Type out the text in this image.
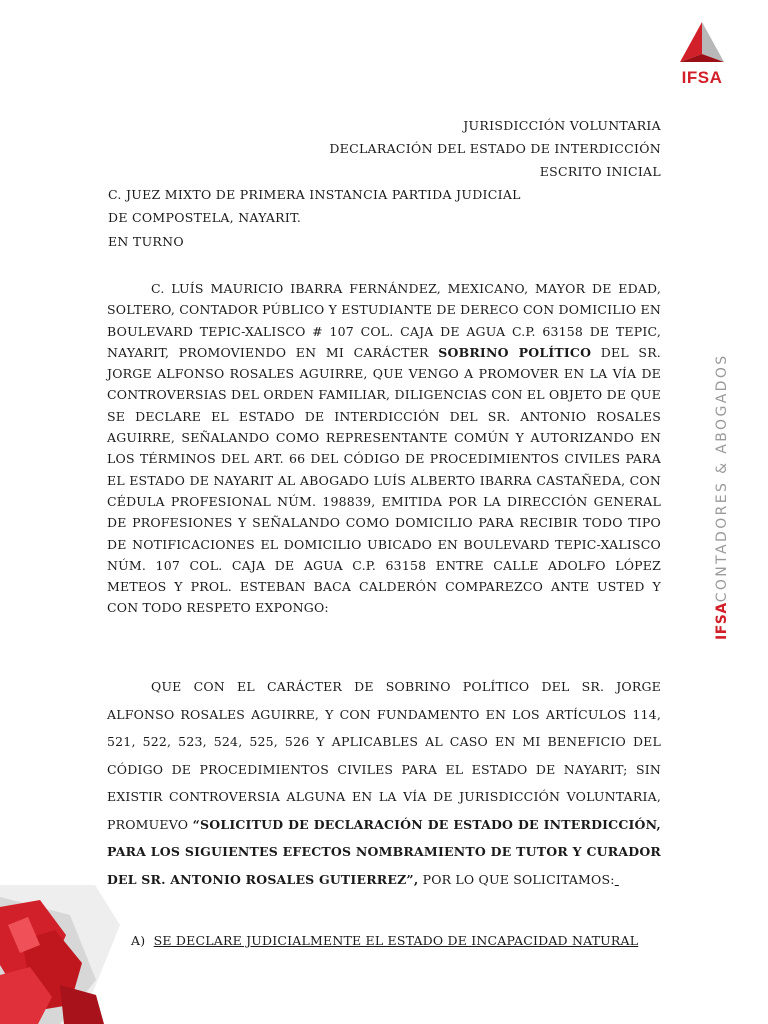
IFSA
IFSACONTADORES & ABOGADOS
JURISDICCIÓN VOLUNTARIA
DECLARACIÓN DEL ESTADO DE INTERDICCIÓN
ESCRITO INICIAL
C. JUEZ MIXTO DE PRIMERA INSTANCIA PARTIDA JUDICIAL
DE COMPOSTELA, NAYARIT.
EN TURNO
C. LUÍS MAURICIO IBARRA FERNÁNDEZ, MEXICANO, MAYOR DE EDAD, SOLTERO, CONTADOR PÚBLICO Y ESTUDIANTE DE DERECO CON DOMICILIO EN BOULEVARD TEPIC-XALISCO # 107 COL. CAJA DE AGUA C.P. 63158 DE TEPIC, NAYARIT, PROMOVIENDO EN MI CARÁCTER SOBRINO POLÍTICO DEL SR. JORGE ALFONSO ROSALES AGUIRRE, QUE VENGO A PROMOVER EN LA VÍA DE CONTROVERSIAS DEL ORDEN FAMILIAR, DILIGENCIAS CON EL OBJETO DE QUE SE DECLARE EL ESTADO DE INTERDICCIÓN DEL SR. ANTONIO ROSALES AGUIRRE, SEÑALANDO COMO REPRESENTANTE COMÚN Y AUTORIZANDO EN LOS TÉRMINOS DEL ART. 66 DEL CÓDIGO DE PROCEDIMIENTOS CIVILES PARA EL ESTADO DE NAYARIT AL ABOGADO LUÍS ALBERTO IBARRA CASTAÑEDA, CON CÉDULA PROFESIONAL NÚM. 198839, EMITIDA POR LA DIRECCIÓN GENERAL DE PROFESIONES Y SEÑALANDO COMO DOMICILIO PARA RECIBIR TODO TIPO DE NOTIFICACIONES EL DOMICILIO UBICADO EN BOULEVARD TEPIC-XALISCO NÚM. 107 COL. CAJA DE AGUA C.P. 63158 ENTRE CALLE ADOLFO LÓPEZ METEOS Y PROL. ESTEBAN BACA CALDERÓN COMPAREZCO ANTE USTED Y CON TODO RESPETO EXPONGO:
QUE CON EL CARÁCTER DE SOBRINO POLÍTICO DEL SR. JORGE ALFONSO ROSALES AGUIRRE, Y CON FUNDAMENTO EN LOS ARTÍCULOS 114, 521, 522, 523, 524, 525, 526 Y APLICABLES AL CASO EN MI BENEFICIO DEL CÓDIGO DE PROCEDIMIENTOS CIVILES PARA EL ESTADO DE NAYARIT; SIN EXISTIR CONTROVERSIA ALGUNA EN LA VÍA DE JURISDICCIÓN VOLUNTARIA, PROMUEVO “SOLICITUD DE DECLARACIÓN DE ESTADO DE INTERDICCIÓN, PARA LOS SIGUIENTES EFECTOS NOMBRAMIENTO DE TUTOR Y CURADOR DEL SR. ANTONIO ROSALES GUTIERREZ”, POR LO QUE SOLICITAMOS:
A) SE DECLARE JUDICIALMENTE EL ESTADO DE INCAPACIDAD NATURAL
